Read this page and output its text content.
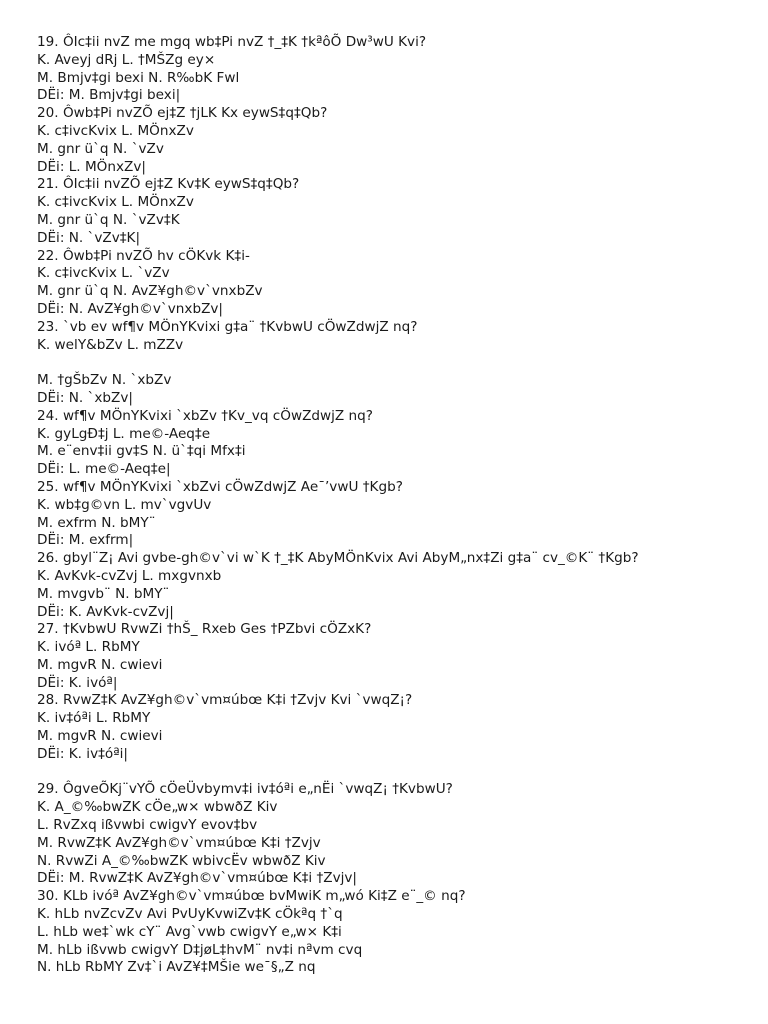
19. ÔIc‡ii nvZ me mgq wb‡Pi nvZ †_‡K †kªôÕ Dw³wU Kvi?
K. Aveyj dRj L. †MŠZg ey×
M. Bmjv‡gi bexi N. R‰bK Fwl
DËi: M. Bmjv‡gi bexi|
20. Ôwb‡Pi nvZÕ ej‡Z †jLK Kx eywS‡q‡Qb?
K. c‡ivcKvix L. MÖnxZv
M. gnr ü`q N. `vZv
DËi: L. MÖnxZv|
21. ÔIc‡ii nvZÕ ej‡Z Kv‡K eywS‡q‡Qb?
K. c‡ivcKvix L. MÖnxZv
M. gnr ü`q N. `vZv‡K
DËi: N. `vZv‡K|
22. Ôwb‡Pi nvZÕ hv cÖKvk K‡i-
K. c‡ivcKvix L. `vZv
M. gnr ü`q N. AvZ¥gh©v`vnxbZv
DËi: N. AvZ¥gh©v`vnxbZv|
23. `vb ev wf¶v MÖnYKvixi g‡a¨ †KvbwU cÖwZdwjZ nq?
K. welY&bZv L. mZZv
M. †gŠbZv N. `xbZv
DËi: N. `xbZv|
24. wf¶v MÖnYKvixi `xbZv †Kv_vq cÖwZdwjZ nq?
K. gyLgÐ‡j L. me©-Aeq‡e
M. e¨env‡ii gv‡S N. ü`‡qi Mfx‡i
DËi: L. me©-Aeq‡e|
25. wf¶v MÖnYKvixi `xbZvi cÖwZdwjZ Ae¯’vwU †Kgb?
K. wb‡g©vn L. mv`vgvUv
M. exfrm N. bMY¨
DËi: M. exfrm|
26. gbyl¨Z¡ Avi gvbe-gh©v`vi w`K †_‡K AbyMÖnKvix Avi AbyM„nx‡Zi g‡a¨ cv_©K¨ †Kgb?
K. AvKvk-cvZvj L. mxgvnxb
M. mvgvb¨ N. bMY¨
DËi: K. AvKvk-cvZvj|
27. †KvbwU RvwZi †hŠ_ Rxeb Ges †PZbvi cÖZxK?
K. ivóª L. RbMY
M. mgvR N. cwievi
DËi: K. ivóª|
28. RvwZ‡K AvZ¥gh©v`vm¤úbœ K‡i †Zvjv Kvi `vwqZ¡?
K. iv‡óªi L. RbMY
M. mgvR N. cwievi
DËi: K. iv‡óªi|
29. ÔgveÕKj¨vYÕ cÖeÜvbymv‡i iv‡óªi e„nËi `vwqZ¡ †KvbwU?
K. A_©‰bwZK cÖe„w× wbwðZ Kiv
L. RvZxq ißvwbi cwigvY evov‡bv
M. RvwZ‡K AvZ¥gh©v`vm¤úbœ K‡i †Zvjv
N. RvwZi A_©‰bwZK wbivcËv wbwðZ Kiv
DËi: M. RvwZ‡K AvZ¥gh©v`vm¤úbœ K‡i †Zvjv|
30. KLb ivóª AvZ¥gh©v`vm¤úbœ bvMwiK m„wó Ki‡Z e¨_© nq?
K. hLb nvZcvZv Avi PvUyKvwiZv‡K cÖkªq †`q
L. hLb we‡`wk cY¨ Avg`vwb cwigvY e„w× K‡i
M. hLb ißvwb cwigvY D‡jøL‡hvM¨ nv‡i nªvm cvq
N. hLb RbMY Zv‡`i AvZ¥‡MŠie we¯§„Z nq
